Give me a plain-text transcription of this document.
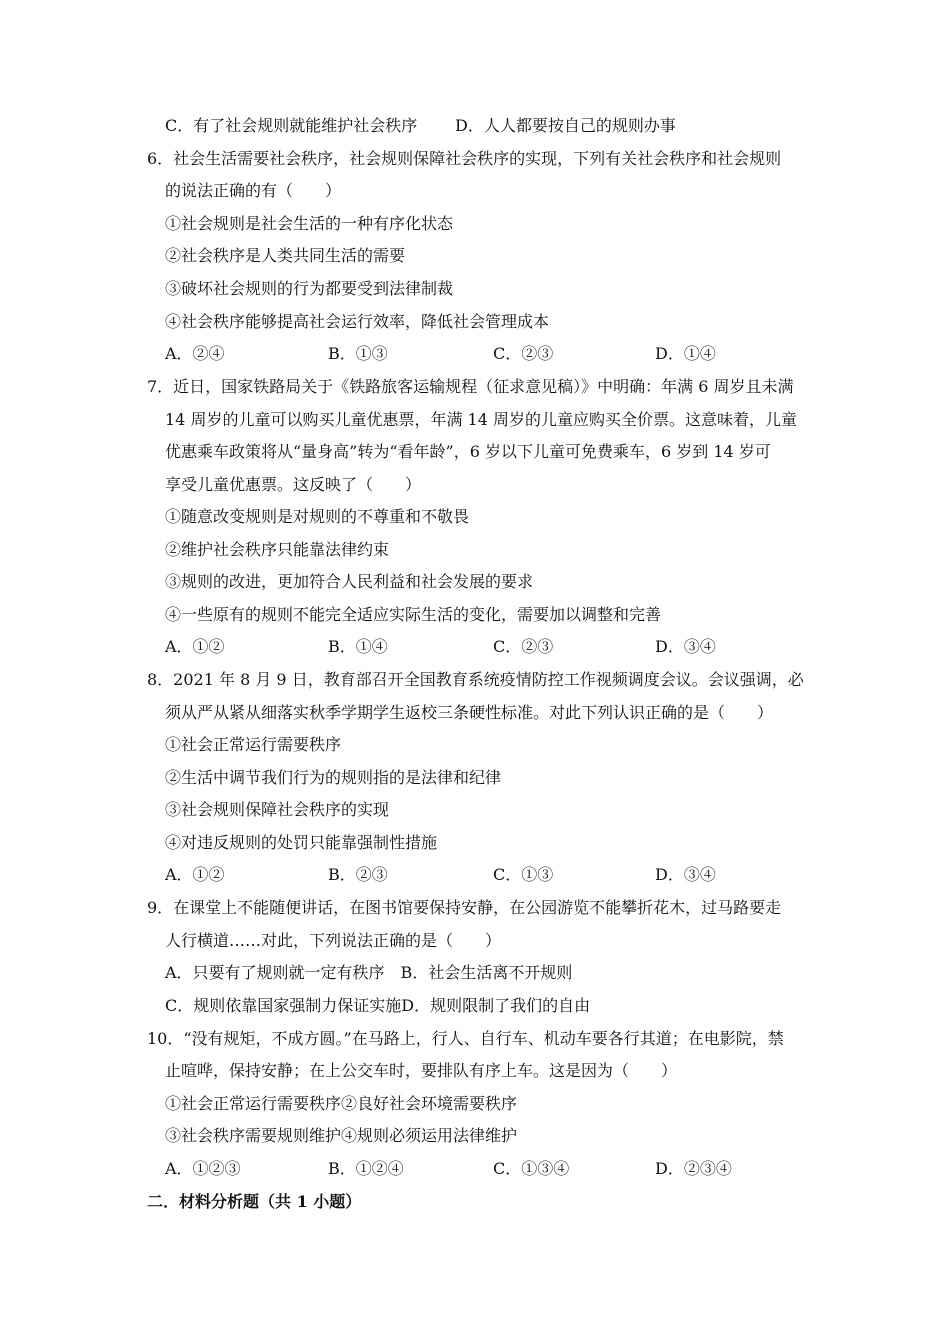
C．有了社会规则就能维护社会秩序 D．人人都要按自己的规则办事
6．社会生活需要社会秩序，社会规则保障社会秩序的实现，下列有关社会秩序和社会规则
的说法正确的有（　　）
①社会规则是社会生活的一种有序化状态
②社会秩序是人类共同生活的需要
③破坏社会规则的行为都要受到法律制裁
④社会秩序能够提高社会运行效率，降低社会管理成本
A．②④	B．①③	C．②③	D．①④
7．近日，国家铁路局关于《铁路旅客运输规程（征求意见稿）》中明确：年满 6 周岁且未满
14 周岁的儿童可以购买儿童优惠票，年满 14 周岁的儿童应购买全价票。这意味着，儿童
优惠乘车政策将从“量身高”转为“看年龄”，6 岁以下儿童可免费乘车，6 岁到 14 岁可
享受儿童优惠票。这反映了（　　）
①随意改变规则是对规则的不尊重和不敬畏
②维护社会秩序只能靠法律约束
③规则的改进，更加符合人民利益和社会发展的要求
④一些原有的规则不能完全适应实际生活的变化，需要加以调整和完善
A．①②	B．①④	C．②③	D．③④
8．2021 年 8 月 9 日，教育部召开全国教育系统疫情防控工作视频调度会议。会议强调，必
须从严从紧从细落实秋季学期学生返校三条硬性标准。对此下列认识正确的是（　　）
①社会正常运行需要秩序
②生活中调节我们行为的规则指的是法律和纪律
③社会规则保障社会秩序的实现
④对违反规则的处罚只能靠强制性措施
A．①②	B．②③	C．①③	D．③④
9．在课堂上不能随便讲话，在图书馆要保持安静，在公园游览不能攀折花木，过马路要走
人行横道……对此，下列说法正确的是（　　）
A．只要有了规则就一定有秩序　B．社会生活离不开规则
C．规则依靠国家强制力保证实施D．规则限制了我们的自由
10．“没有规矩，不成方圆。”在马路上，行人、自行车、机动车要各行其道；在电影院，禁
止喧哗，保持安静；在上公交车时，要排队有序上车。这是因为（　　）
①社会正常运行需要秩序②良好社会环境需要秩序
③社会秩序需要规则维护④规则必须运用法律维护
A．①②③	B．①②④	C．①③④	D．②③④
二．材料分析题（共 1 小题）
